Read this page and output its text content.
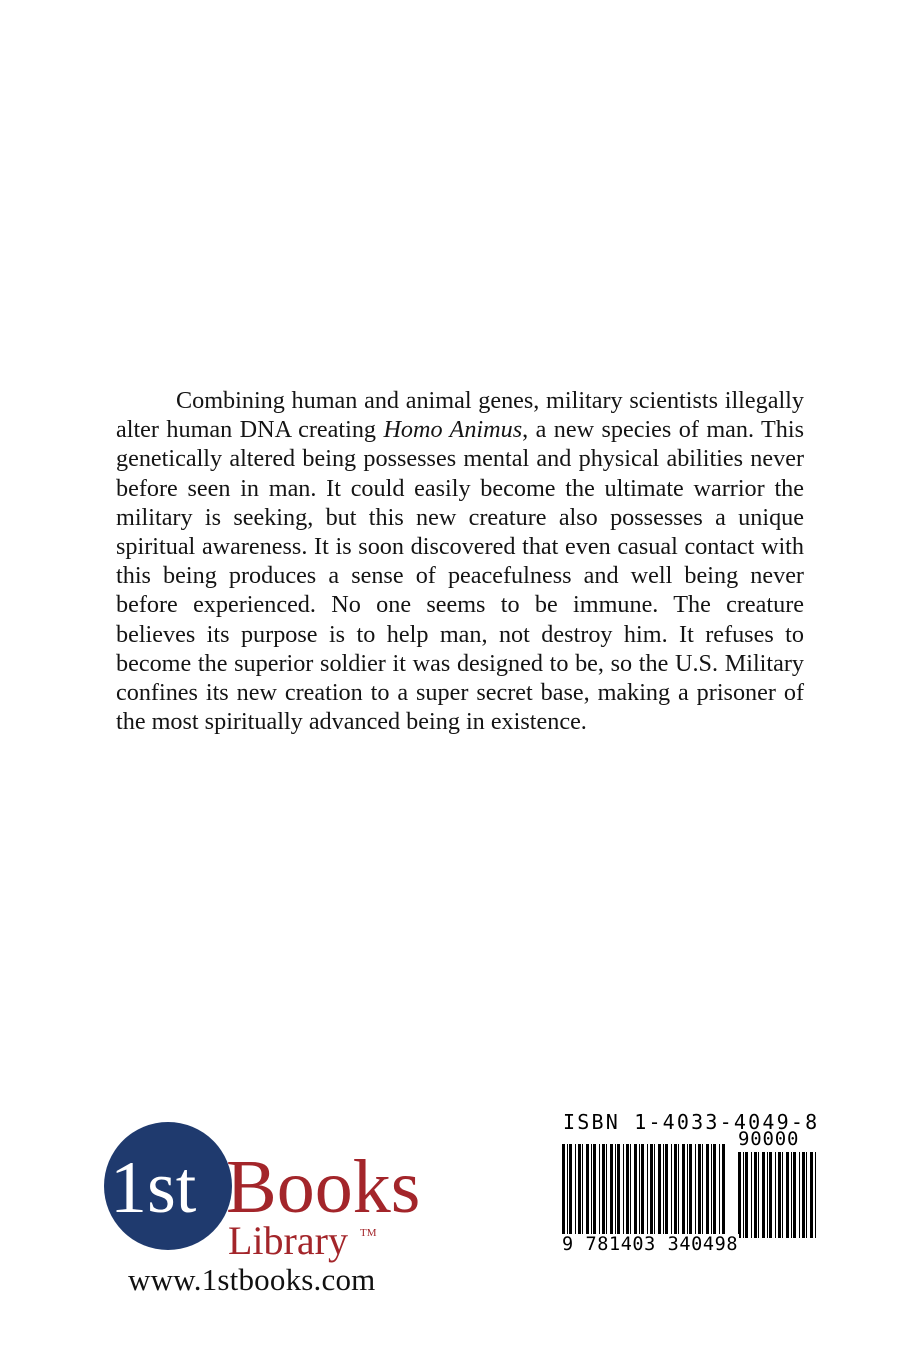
Combining human and animal genes, military scientists illegally alter human DNA creating Homo Animus, a new species of man. This genetically altered being possesses mental and physical abilities never before seen in man. It could easily become the ultimate warrior the military is seeking, but this new creature also possesses a unique spiritual awareness. It is soon discovered that even casual contact with this being produces a sense of peacefulness and well being never before experienced. No one seems to be immune. The creature believes its purpose is to help man, not destroy him. It refuses to become the superior soldier it was designed to be, so the U.S. Military confines its new creation to a super secret base, making a prisoner of the most spiritually advanced being in existence.

1st Books
Library TM
www.1stbooks.com
ISBN 1-4033-4049-8
90000
9 781403 340498
